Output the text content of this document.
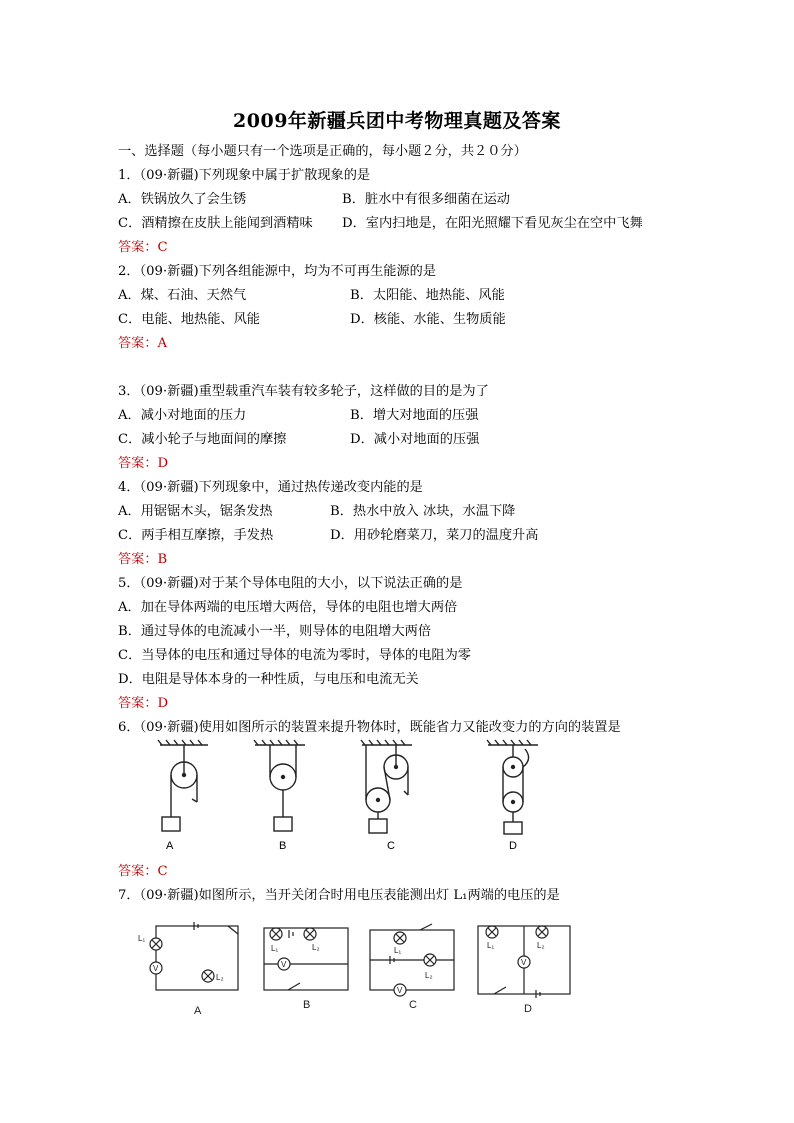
2009年新疆兵团中考物理真题及答案
一、选择题（每小题只有一个选项是正确的，每小题２分，共２０分）
1．（09·新疆)下列现象中属于扩散现象的是
A．铁锅放久了会生锈	B．脏水中有很多细菌在运动
C．酒精擦在皮肤上能闻到酒精味 D．室内扫地是，在阳光照耀下看见灰尘在空中飞舞
答案：C
2．（09·新疆)下列各组能源中，均为不可再生能源的是
A．煤、石油、天然气	B．太阳能、地热能、风能
C．电能、地热能、风能	D．核能、水能、生物质能
答案：A
3．（09·新疆)重型载重汽车装有较多轮子，这样做的目的是为了
A．减小对地面的压力	B．增大对地面的压强
C．减小轮子与地面间的摩擦	D．减小对地面的压强
答案：D
4．（09·新疆)下列现象中，通过热传递改变内能的是
A．用锯锯木头，锯条发热	B．热水中放入 冰块，水温下降
C．两手相互摩擦，手发热	D．用砂轮磨菜刀，菜刀的温度升高
答案：B
5．（09·新疆)对于某个导体电阻的大小，以下说法正确的是
A．加在导体两端的电压增大两倍，导体的电阻也增大两倍
B．通过导体的电流减小一半，则导体的电阻增大两倍
C．当导体的电压和通过导体的电流为零时，导体的电阻为零
D．电阻是导体本身的一种性质，与电压和电流无关
答案：D
6．（09·新疆)使用如图所示的装置来提升物体时，既能省力又能改变力的方向的装置是
A	B	C	D
答案：C
7．（09·新疆)如图所示，当开关闭合时用电压表能测出灯 L₁两端的电压的是
L₁
V
L₂
L₁	L₂
V
L₁
L₂
V
L₁	L₂
V
A	B	C	D
